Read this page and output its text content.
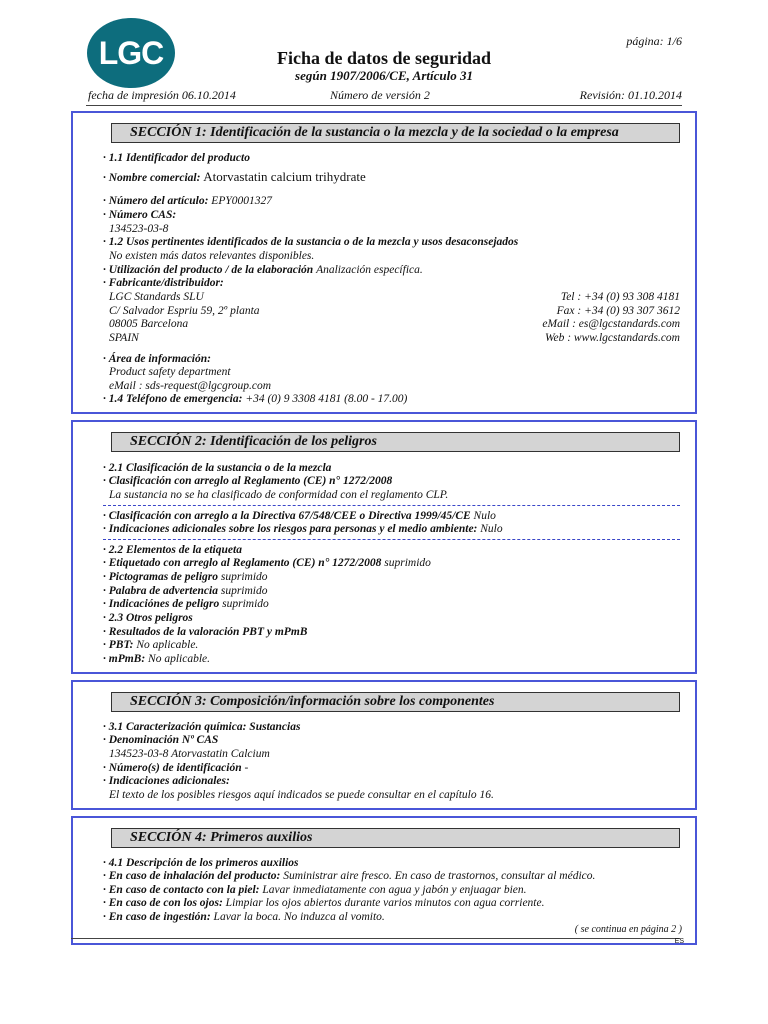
LGC	página: 1/6
Ficha de datos de seguridad
según 1907/2006/CE, Artículo 31
fecha de impresión 06.10.2014	Número de versión 2	Revisión: 01.10.2014
SECCIÓN 1: Identificación de la sustancia o la mezcla y de la sociedad o la empresa
· 1.1 Identificador del producto
· Nombre comercial: Atorvastatin calcium trihydrate
· Número del artículo: EPY0001327
· Número CAS:
134523-03-8
· 1.2 Usos pertinentes identificados de la sustancia o de la mezcla y usos desaconsejados
No existen más datos relevantes disponibles.
· Utilización del producto / de la elaboración Analización específica.
· Fabricante/distribuidor:
LGC Standards SLU	Tel : +34 (0) 93 308 4181
C/ Salvador Espriu 59, 2º planta	Fax : +34 (0) 93 307 3612
08005 Barcelona	eMail : es@lgcstandards.com
SPAIN	Web : www.lgcstandards.com
· Área de información:
Product safety department
eMail : sds-request@lgcgroup.com
· 1.4 Teléfono de emergencia: +34 (0) 9 3308 4181 (8.00 - 17.00)
SECCIÓN 2: Identificación de los peligros
· 2.1 Clasificación de la sustancia o de la mezcla
· Clasificación con arreglo al Reglamento (CE) n° 1272/2008
La sustancia no se ha clasificado de conformidad con el reglamento CLP.
· Clasificación con arreglo a la Directiva 67/548/CEE o Directiva 1999/45/CE Nulo
· Indicaciones adicionales sobre los riesgos para personas y el medio ambiente: Nulo
· 2.2 Elementos de la etiqueta
· Etiquetado con arreglo al Reglamento (CE) n° 1272/2008 suprimido
· Pictogramas de peligro suprimido
· Palabra de advertencia suprimido
· Indicaciónes de peligro suprimido
· 2.3 Otros peligros
· Resultados de la valoración PBT y mPmB
· PBT: No aplicable.
· mPmB: No aplicable.
SECCIÓN 3: Composición/información sobre los componentes
· 3.1 Caracterización química: Sustancias
· Denominación Nº CAS
134523-03-8 Atorvastatin Calcium
· Número(s) de identificación -
· Indicaciones adicionales:
El texto de los posibles riesgos aquí indicados se puede consultar en el capítulo 16.
SECCIÓN 4: Primeros auxilios
· 4.1 Descripción de los primeros auxilios
· En caso de inhalación del producto: Suministrar aire fresco. En caso de trastornos, consultar al médico.
· En caso de contacto con la piel: Lavar inmediatamente con agua y jabón y enjuagar bien.
· En caso de con los ojos: Limpiar los ojos abiertos durante varios minutos con agua corriente.
· En caso de ingestión: Lavar la boca. No induzca al vomito.
( se continua en página 2 )
ES
